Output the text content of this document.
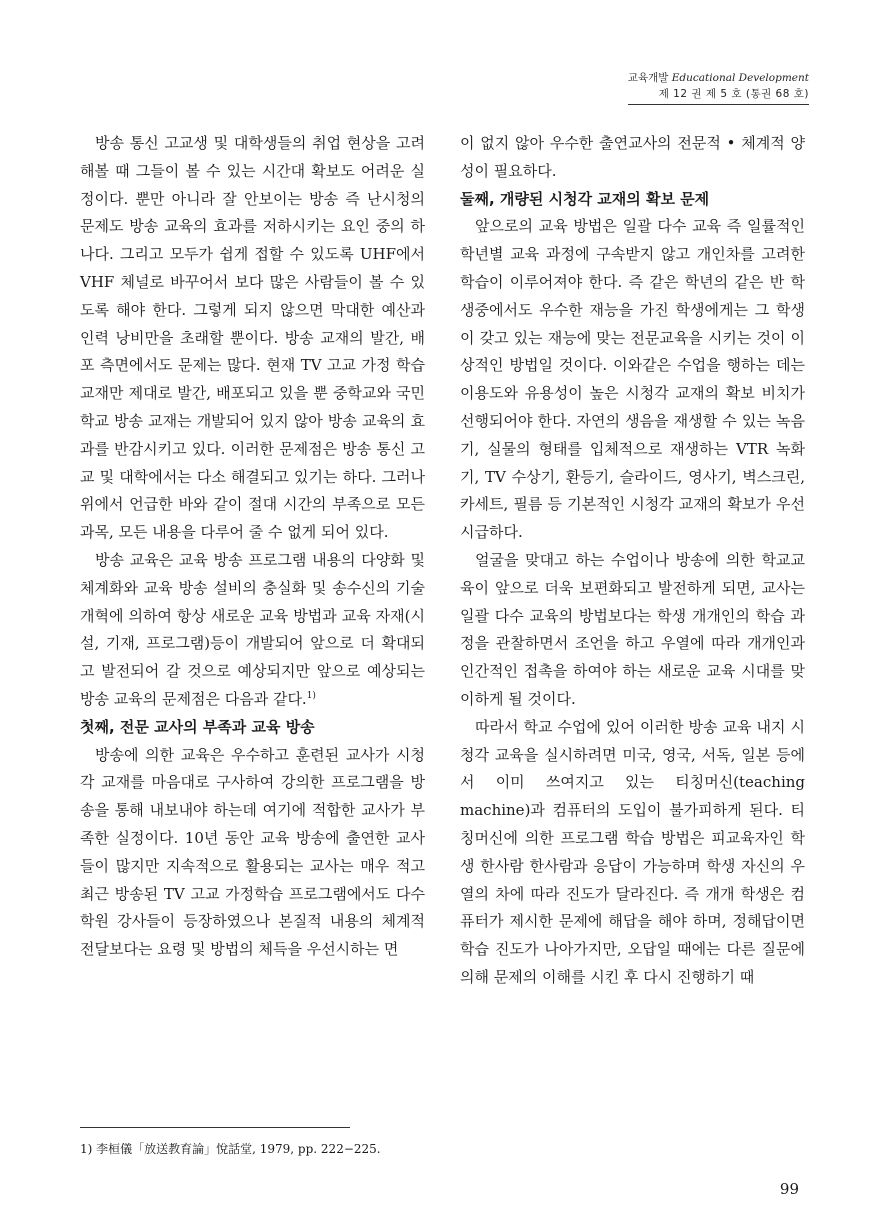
교육개발 Educational Development
제 12 권 제 5 호 (통권 68 호)

방송 통신 고교생 및 대학생들의 취업 현상을 고려해볼 때 그들이 볼 수 있는 시간대 확보도 어려운 실정이다. 뿐만 아니라 잘 안보이는 방송 즉 난시청의 문제도 방송 교육의 효과를 저하시키는 요인 중의 하나다. 그리고 모두가 쉽게 접할 수 있도록 UHF에서 VHF 체널로 바꾸어서 보다 많은 사람들이 볼 수 있도록 해야 한다. 그렇게 되지 않으면 막대한 예산과 인력 낭비만을 초래할 뿐이다. 방송 교재의 발간, 배포 측면에서도 문제는 많다. 현재 TV 고교 가정 학습 교재만 제대로 발간, 배포되고 있을 뿐 중학교와 국민학교 방송 교재는 개발되어 있지 않아 방송 교육의 효과를 반감시키고 있다. 이러한 문제점은 방송 통신 고교 및 대학에서는 다소 해결되고 있기는 하다. 그러나 위에서 언급한 바와 같이 절대 시간의 부족으로 모든 과목, 모든 내용을 다루어 줄 수 없게 되어 있다.

방송 교육은 교육 방송 프로그램 내용의 다양화 및 체계화와 교육 방송 설비의 충실화 및 송수신의 기술 개혁에 의하여 항상 새로운 교육 방법과 교육 자재(시설, 기재, 프로그램)등이 개발되어 앞으로 더 확대되고 발전되어 갈 것으로 예상되지만 앞으로 예상되는 방송 교육의 문제점은 다음과 같다.$^{1)}$

첫째, 전문 교사의 부족과 교육 방송

방송에 의한 교육은 우수하고 훈련된 교사가 시청각 교재를 마음대로 구사하여 강의한 프로그램을 방송을 통해 내보내야 하는데 여기에 적합한 교사가 부족한 실정이다. 10년 동안 교육 방송에 출연한 교사들이 많지만 지속적으로 활용되는 교사는 매우 적고 최근 방송된 TV 고교 가정학습 프로그램에서도 다수 학원 강사들이 등장하였으나 본질적 내용의 체계적 전달보다는 요령 및 방법의 체득을 우선시하는 면

이 없지 않아 우수한 출연교사의 전문적 • 체계적 양성이 필요하다.

둘째, 개량된 시청각 교재의 확보 문제

앞으로의 교육 방법은 일괄 다수 교육 즉 일률적인 학년별 교육 과정에 구속받지 않고 개인차를 고려한 학습이 이루어져야 한다. 즉 같은 학년의 같은 반 학생중에서도 우수한 재능을 가진 학생에게는 그 학생이 갖고 있는 재능에 맞는 전문교육을 시키는 것이 이상적인 방법일 것이다. 이와같은 수업을 행하는 데는 이용도와 유용성이 높은 시청각 교재의 확보 비치가 선행되어야 한다. 자연의 생음을 재생할 수 있는 녹음기, 실물의 형태를 입체적으로 재생하는 VTR 녹화기, TV 수상기, 환등기, 슬라이드, 영사기, 벽스크린, 카세트, 필름 등 기본적인 시청각 교재의 확보가 우선 시급하다.

얼굴을 맞대고 하는 수업이나 방송에 의한 학교교육이 앞으로 더욱 보편화되고 발전하게 되면, 교사는 일괄 다수 교육의 방법보다는 학생 개개인의 학습 과정을 관찰하면서 조언을 하고 우열에 따라 개개인과 인간적인 접촉을 하여야 하는 새로운 교육 시대를 맞이하게 될 것이다.

따라서 학교 수업에 있어 이러한 방송 교육 내지 시청각 교육을 실시하려면 미국, 영국, 서독, 일본 등에서 이미 쓰여지고 있는 티칭머신(teaching machine)과 컴퓨터의 도입이 불가피하게 된다. 티칭머신에 의한 프로그램 학습 방법은 피교육자인 학생 한사람 한사람과 응답이 가능하며 학생 자신의 우열의 차에 따라 진도가 달라진다. 즉 개개 학생은 컴퓨터가 제시한 문제에 해답을 해야 하며, 정해답이면 학습 진도가 나아가지만, 오답일 때에는 다른 질문에 의해 문제의 이해를 시킨 후 다시 진행하기 때

1) 李桓儀「放送教育論」悅話堂, 1979, pp. 222−225.
99
